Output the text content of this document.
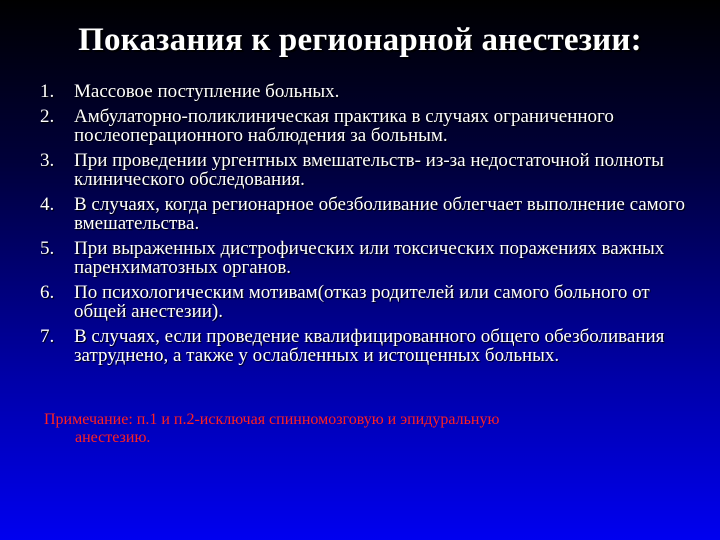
Показания к регионарной анестезии:
1. Массовое поступление больных.
2. Амбулаторно-поликлиническая практика в случаях ограниченного послеоперационного наблюдения за больным.
3. При проведении ургентных вмешательств- из-за недостаточной полноты клинического обследования.
4. В случаях, когда регионарное обезболивание облегчает выполнение самого вмешательства.
5. При выраженных дистрофических или токсических поражениях важных паренхиматозных органов.
6. По психологическим мотивам(отказ родителей или самого больного от общей анестезии).
7. В случаях, если проведение квалифицированного общего обезболивания затруднено, а также у ослабленных и истощенных больных.
Примечание: п.1 и п.2-исключая спинномозговую и эпидуральную
анестезию.
